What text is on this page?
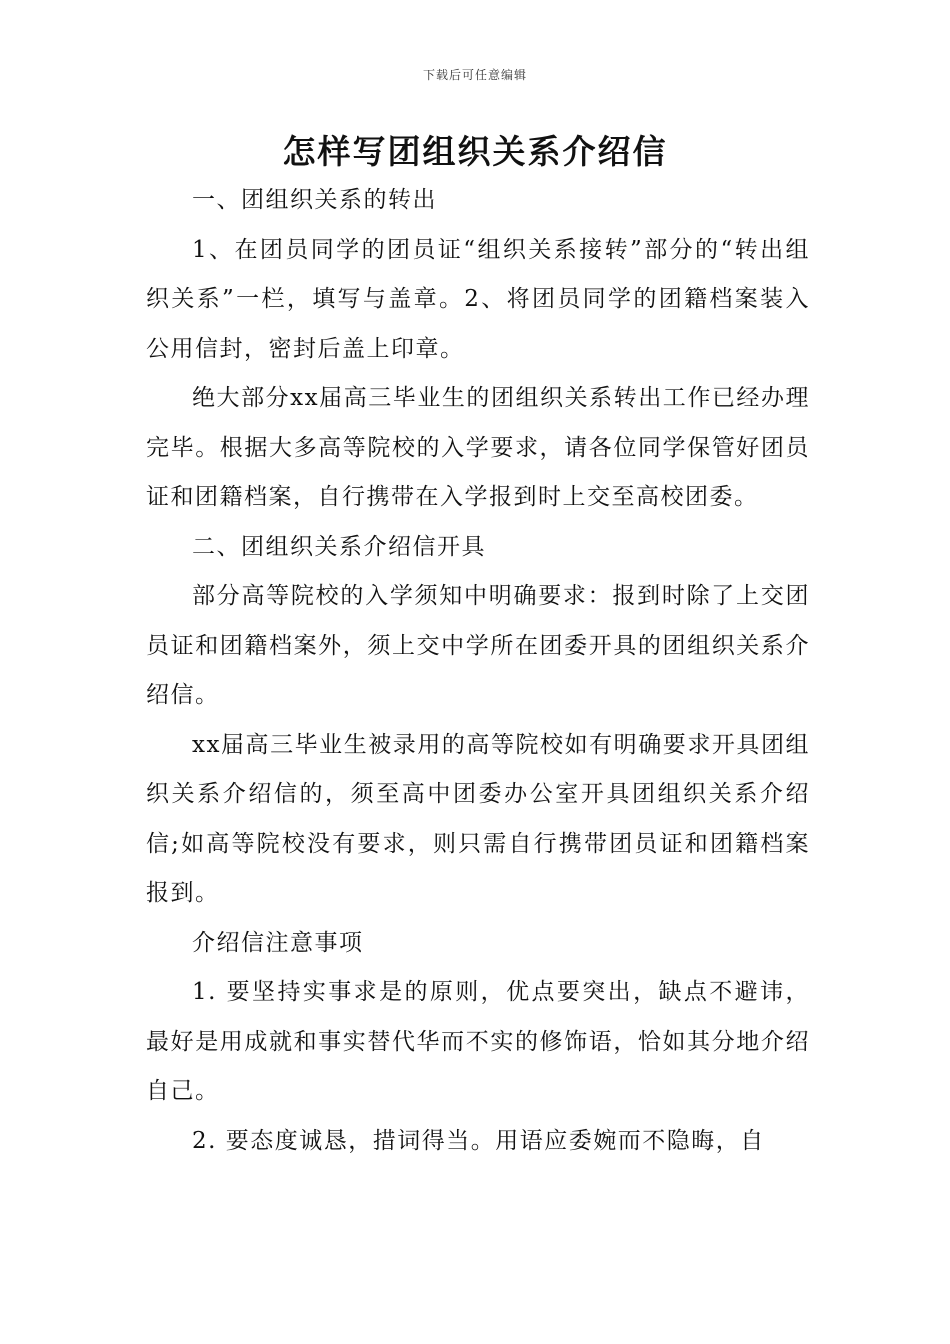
下载后可任意编辑
怎样写团组织关系介绍信

一、团组织关系的转出

1、在团员同学的团员证“组织关系接转”部分的“转出组织关系”一栏，填写与盖章。2、将团员同学的团籍档案装入公用信封，密封后盖上印章。

绝大部分xx届高三毕业生的团组织关系转出工作已经办理完毕。根据大多高等院校的入学要求，请各位同学保管好团员证和团籍档案，自行携带在入学报到时上交至高校团委。

二、团组织关系介绍信开具

部分高等院校的入学须知中明确要求：报到时除了上交团员证和团籍档案外，须上交中学所在团委开具的团组织关系介绍信。

xx届高三毕业生被录用的高等院校如有明确要求开具团组织关系介绍信的，须至高中团委办公室开具团组织关系介绍信;如高等院校没有要求，则只需自行携带团员证和团籍档案报到。

介绍信注意事项

1. 要坚持实事求是的原则，优点要突出，缺点不避讳，最好是用成就和事实替代华而不实的修饰语，恰如其分地介绍自己。

2. 要态度诚恳，措词得当。用语应委婉而不隐晦，自
